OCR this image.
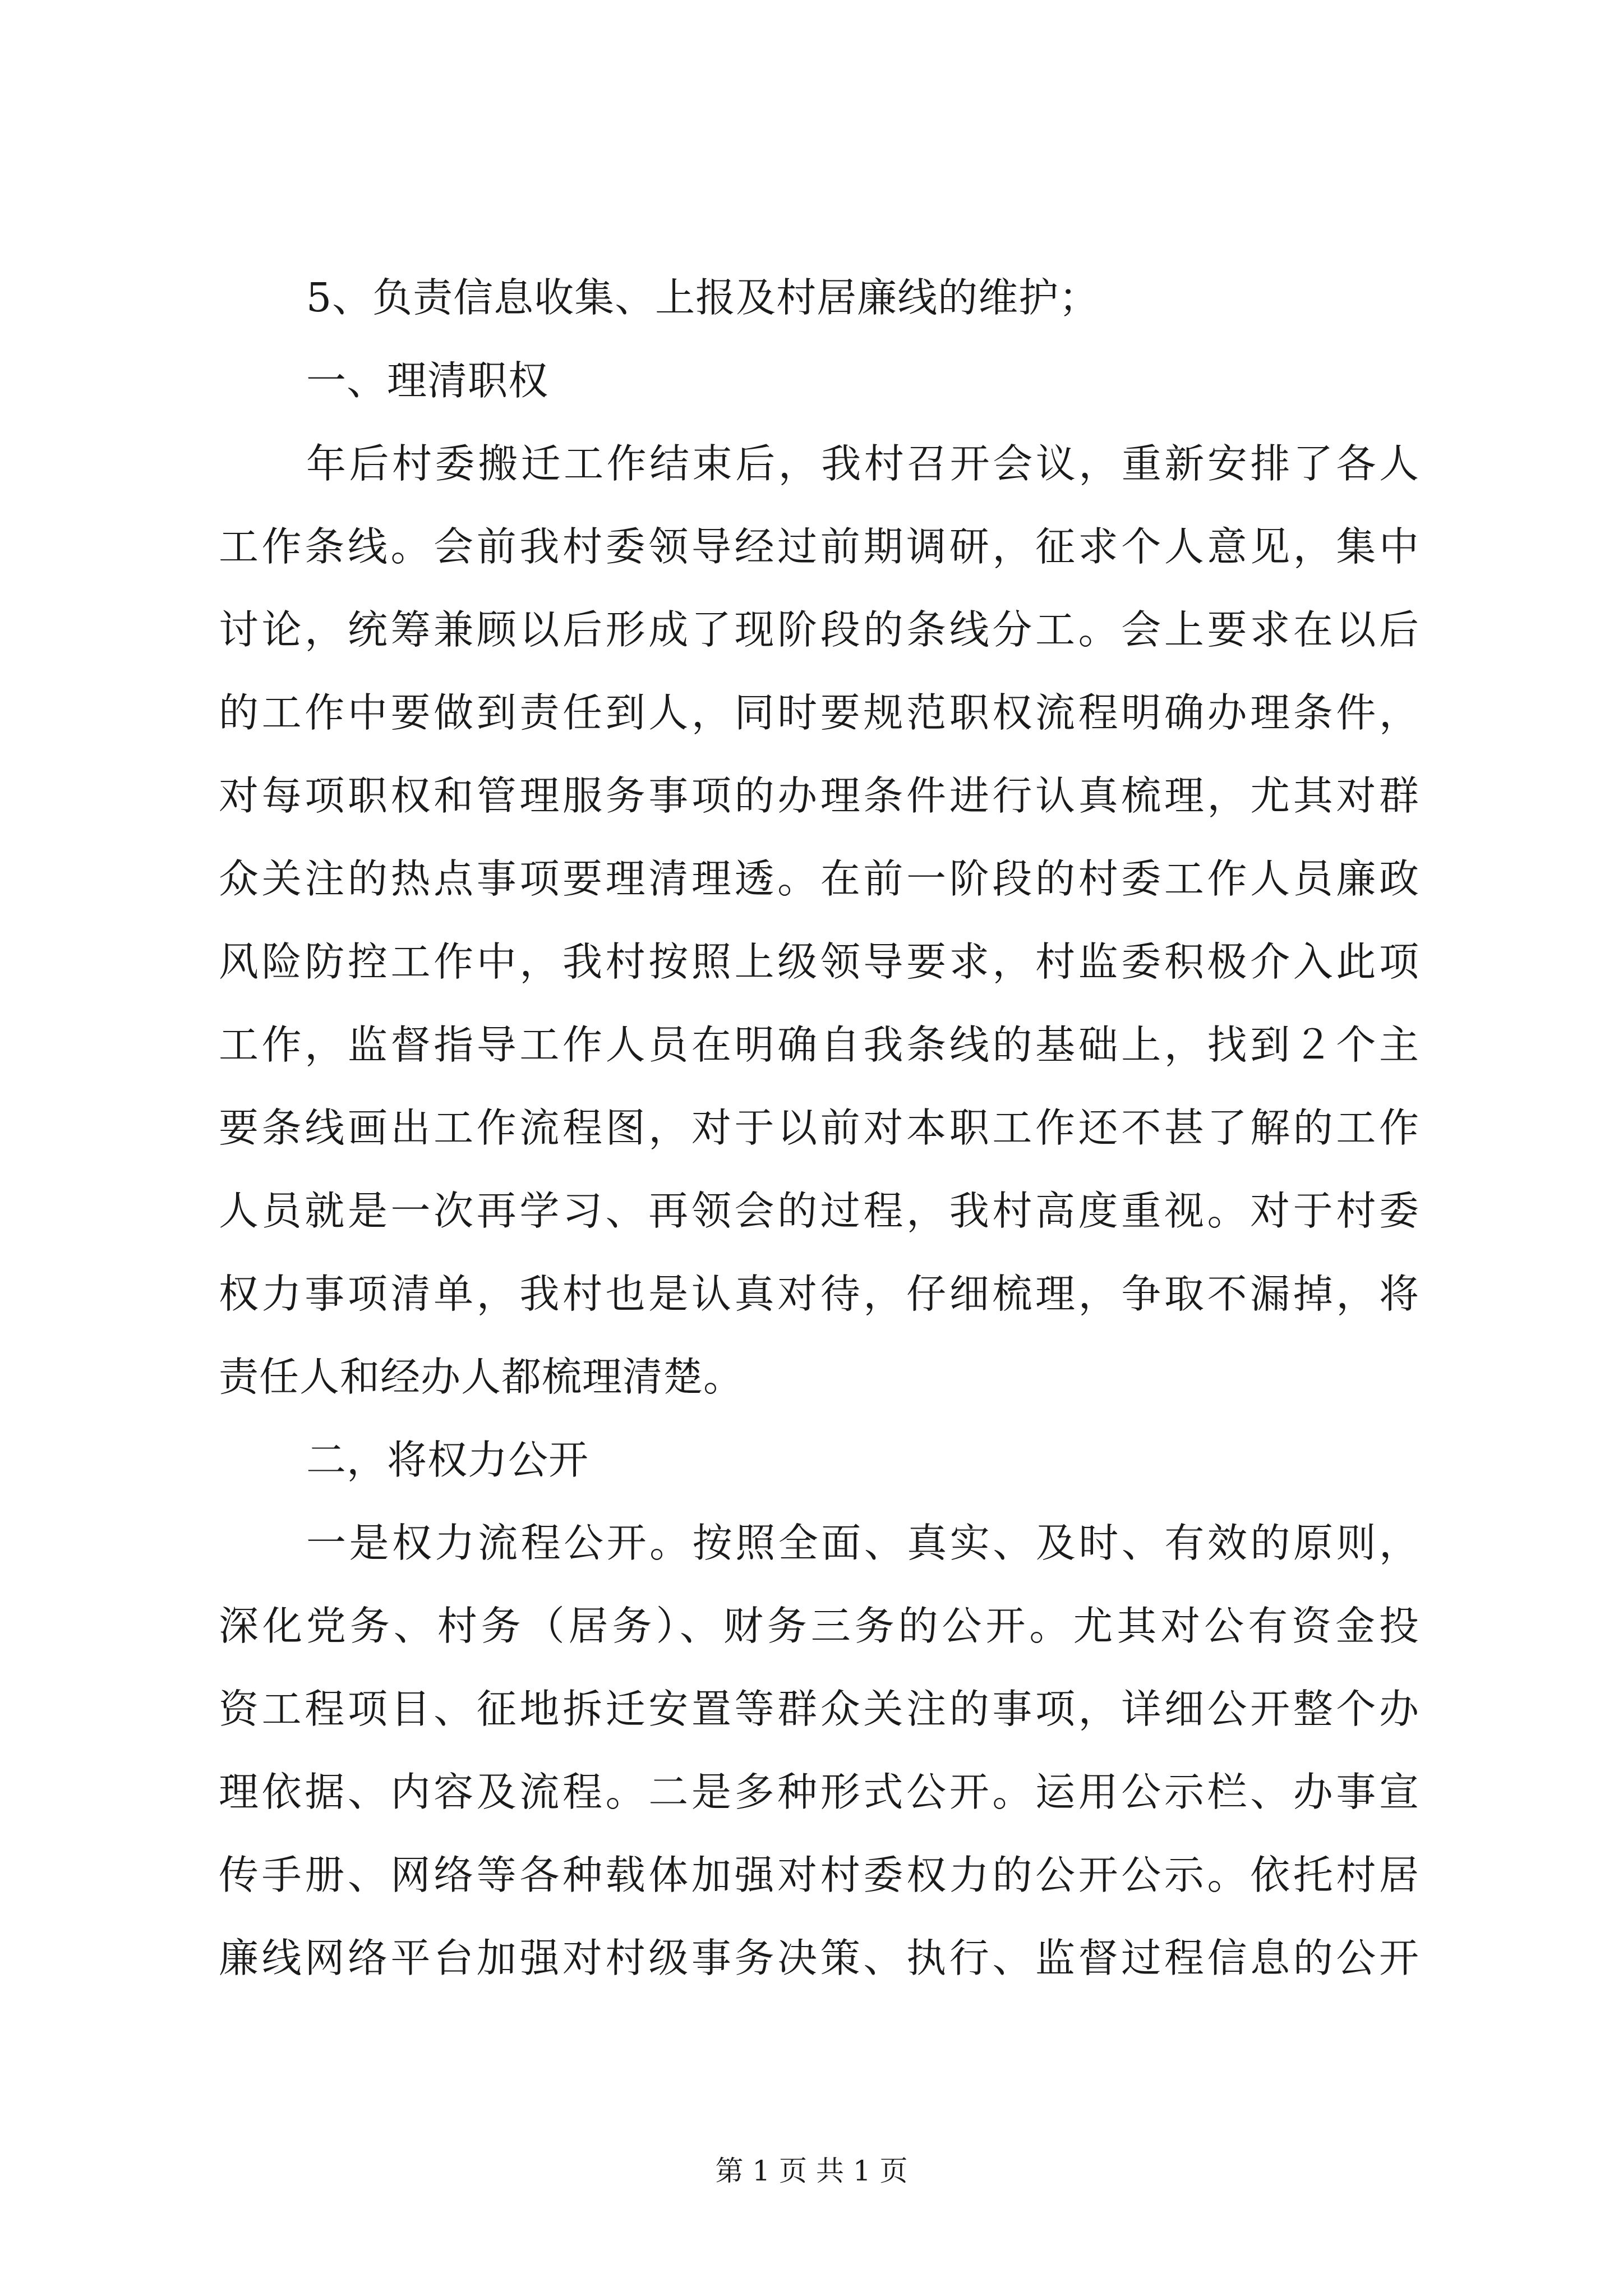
5、负责信息收集、上报及村居廉线的维护；
一、理清职权
年后村委搬迁工作结束后，我村召开会议，重新安排了各人
工作条线。会前我村委领导经过前期调研，征求个人意见，集中
讨论，统筹兼顾以后形成了现阶段的条线分工。会上要求在以后
的工作中要做到责任到人，同时要规范职权流程明确办理条件，
对每项职权和管理服务事项的办理条件进行认真梳理，尤其对群
众关注的热点事项要理清理透。在前一阶段的村委工作人员廉政
风险防控工作中，我村按照上级领导要求，村监委积极介入此项
工作，监督指导工作人员在明确自我条线的基础上，找到２个主
要条线画出工作流程图，对于以前对本职工作还不甚了解的工作
人员就是一次再学习、再领会的过程，我村高度重视。对于村委
权力事项清单，我村也是认真对待，仔细梳理，争取不漏掉，将
责任人和经办人都梳理清楚。
二，将权力公开
一是权力流程公开。按照全面、真实、及时、有效的原则，
深化党务、村务（居务）、财务三务的公开。尤其对公有资金投
资工程项目、征地拆迁安置等群众关注的事项，详细公开整个办
理依据、内容及流程。二是多种形式公开。运用公示栏、办事宣
传手册、网络等各种载体加强对村委权力的公开公示。依托村居
廉线网络平台加强对村级事务决策、执行、监督过程信息的公开
第 1 页 共 1 页
